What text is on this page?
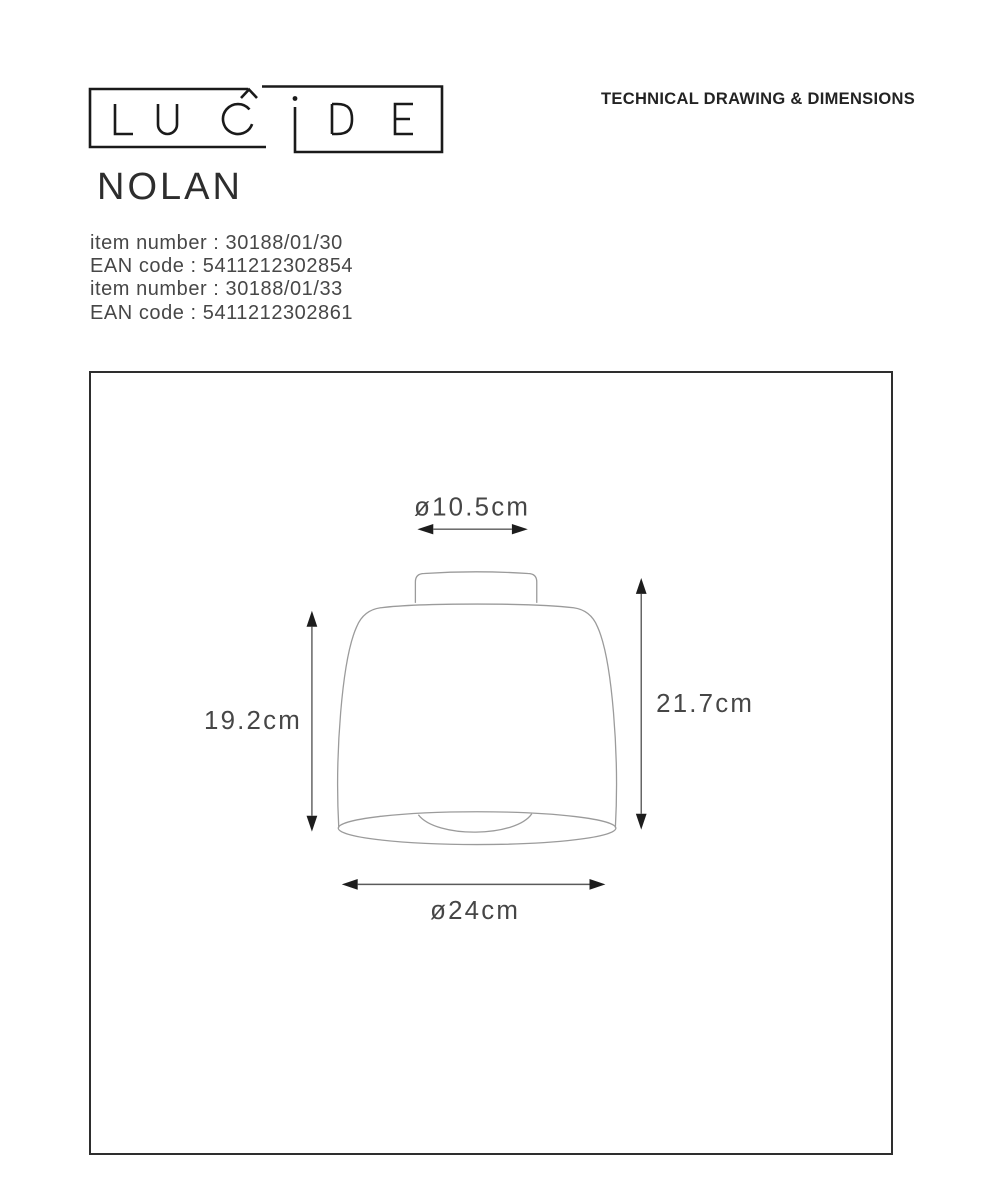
TECHNICAL DRAWING & DIMENSIONS
NOLAN
item number : 30188/01/30
EAN code : 5411212302854
item number : 30188/01/33
EAN code : 5411212302861
ø10.5cm
19.2cm
21.7cm
ø24cm
